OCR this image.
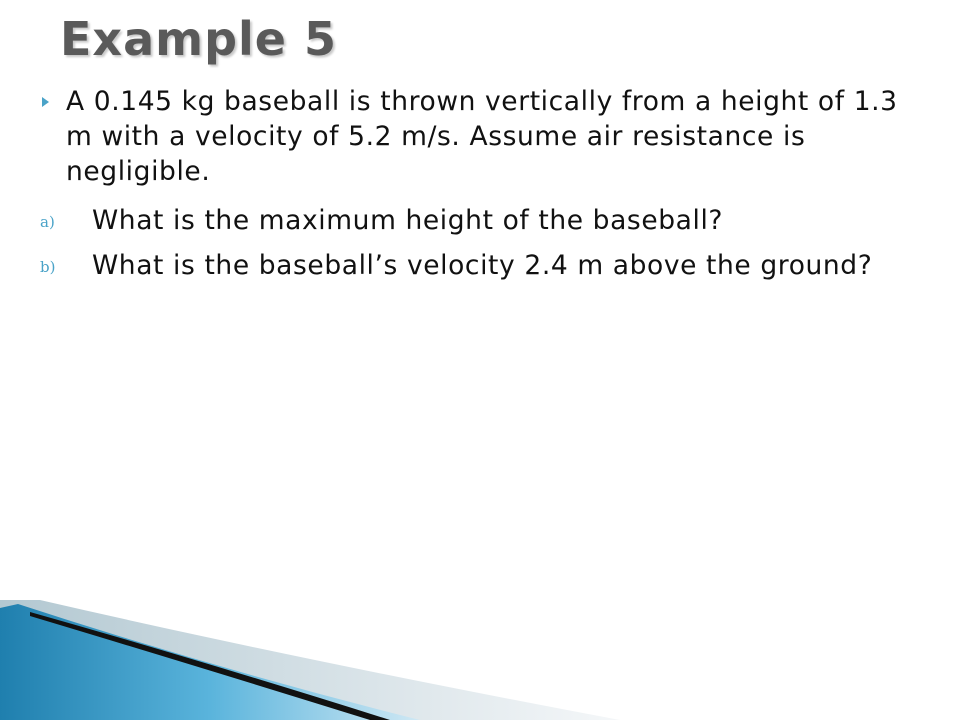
Example 5
A 0.145 kg baseball is thrown vertically from a height of 1.3 m with a velocity of 5.2 m/s. Assume air resistance is negligible.
a) What is the maximum height of the baseball?
b) What is the baseball’s velocity 2.4 m above the ground?
